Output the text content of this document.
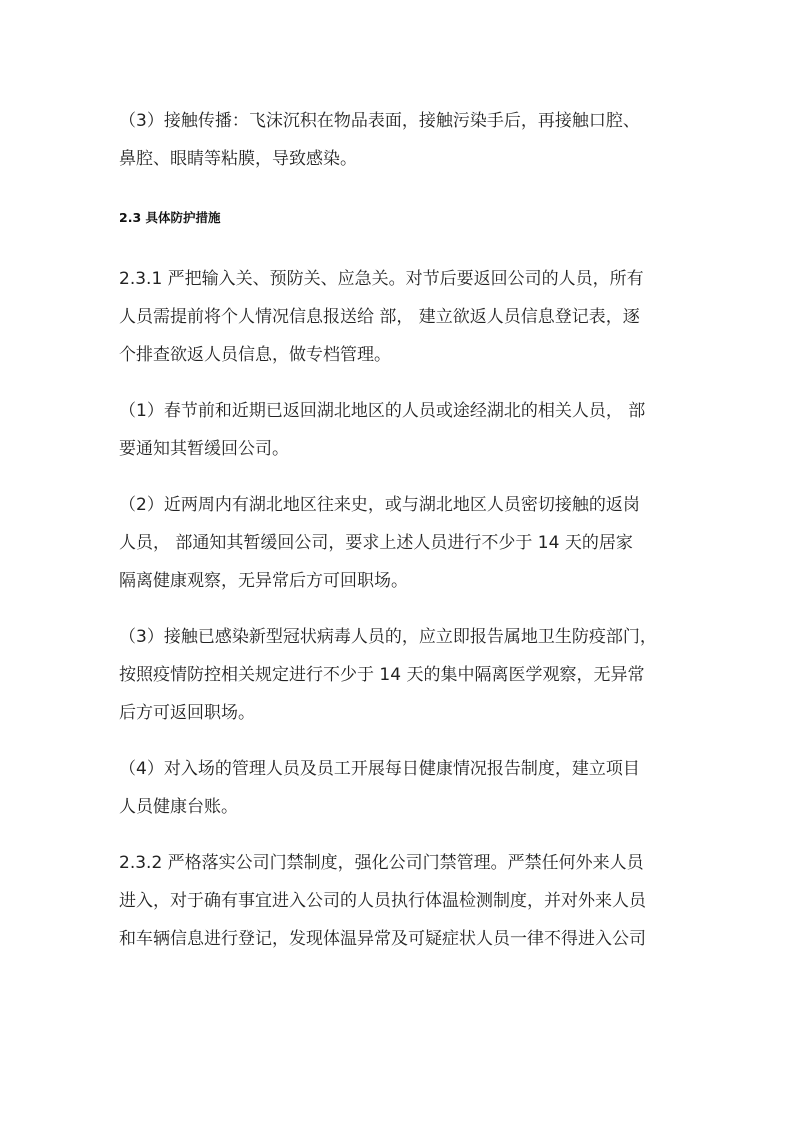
（3）接触传播：飞沫沉积在物品表面，接触污染手后，再接触口腔、
鼻腔、眼睛等粘膜，导致感染。

2.3 具体防护措施

2.3.1 严把输入关、预防关、应急关。对节后要返回公司的人员，所有
人员需提前将个人情况信息报送给 部， 建立欲返人员信息登记表，逐
个排查欲返人员信息，做专档管理。

（1）春节前和近期已返回湖北地区的人员或途经湖北的相关人员， 部
要通知其暂缓回公司。

（2）近两周内有湖北地区往来史，或与湖北地区人员密切接触的返岗
人员， 部通知其暂缓回公司，要求上述人员进行不少于 14 天的居家
隔离健康观察，无异常后方可回职场。

（3）接触已感染新型冠状病毒人员的，应立即报告属地卫生防疫部门，
按照疫情防控相关规定进行不少于 14 天的集中隔离医学观察，无异常
后方可返回职场。

（4）对入场的管理人员及员工开展每日健康情况报告制度，建立项目
人员健康台账。

2.3.2 严格落实公司门禁制度，强化公司门禁管理。严禁任何外来人员
进入，对于确有事宜进入公司的人员执行体温检测制度，并对外来人员
和车辆信息进行登记，发现体温异常及可疑症状人员一律不得进入公司
